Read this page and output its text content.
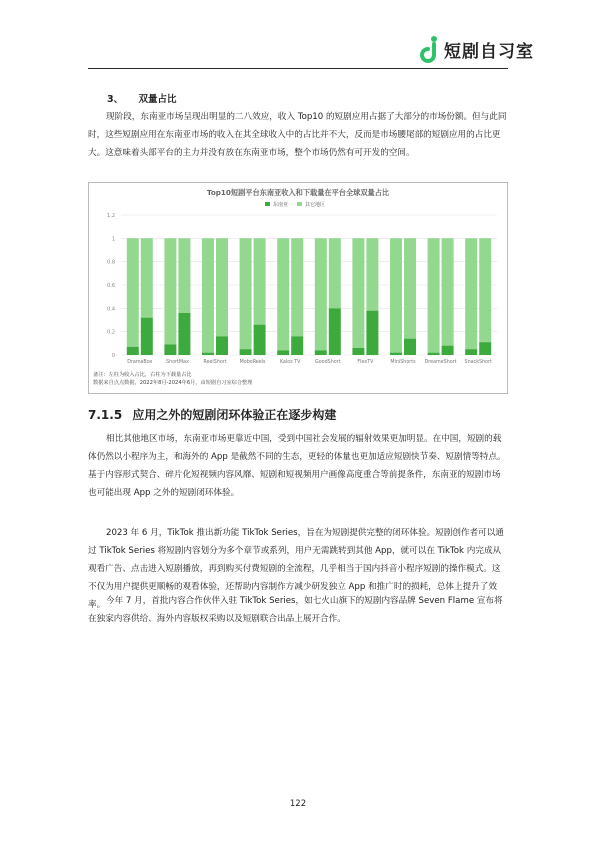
短剧自习室
3、 双量占比

现阶段，东南亚市场呈现出明显的二八效应，收入 Top10 的短剧应用占据了大部分的市场份额。但与此同时，这些短剧应用在东南亚市场的收入在其全球收入中的占比并不大，反而是市场腰尾部的短剧应用的占比更大。这意味着头部平台的主力并没有放在东南亚市场，整个市场仍然有可开发的空间。

Top10短剧平台东南亚收入和下载量在平台全球双量占比
东南亚	其它地区
0
0.2
0.4
0.6
0.8
1
1.2
DramaBox	ShortMax	ReelShort	MoboReels	Kalos TV	GoodShort	FlexTV	MiniShorts DreameShort SnackShort
备注：左柱为收入占比，右柱为下载量占比
数据来自点点数据，2022年8月-2024年6月，由短剧自习室综合整理
7.1.5 应用之外的短剧闭环体验正在逐步构建

相比其他地区市场，东南亚市场更靠近中国，受到中国社会发展的辐射效果更加明显。在中国，短剧的载体仍然以小程序为主，和海外的 App 是截然不同的生态，更轻的体量也更加适应短剧快节奏、短剧情等特点。基于内容形式契合、碎片化短视频内容风靡、短剧和短视频用户画像高度重合等前提条件，东南亚的短剧市场也可能出现 App 之外的短剧闭环体验。

2023 年 6 月，TikTok 推出新功能 TikTok Series，旨在为短剧提供完整的闭环体验。短剧创作者可以通过 TikTok Series 将短剧内容划分为多个章节或系列，用户无需跳转到其他 App，就可以在 TikTok 内完成从观看广告、点击进入短剧播放，再到购买付费短剧的全流程，几乎相当于国内抖音小程序短剧的操作模式。这不仅为用户提供更顺畅的观看体验，还帮助内容制作方减少研发独立 App 和推广时的损耗，总体上提升了效率。 今年 7 月，首批内容合作伙伴入驻 TikTok Series，如七火山旗下的短剧内容品牌 Seven Flame 宣布将在独家内容供给、海外内容版权采购以及短剧联合出品上展开合作。

122
